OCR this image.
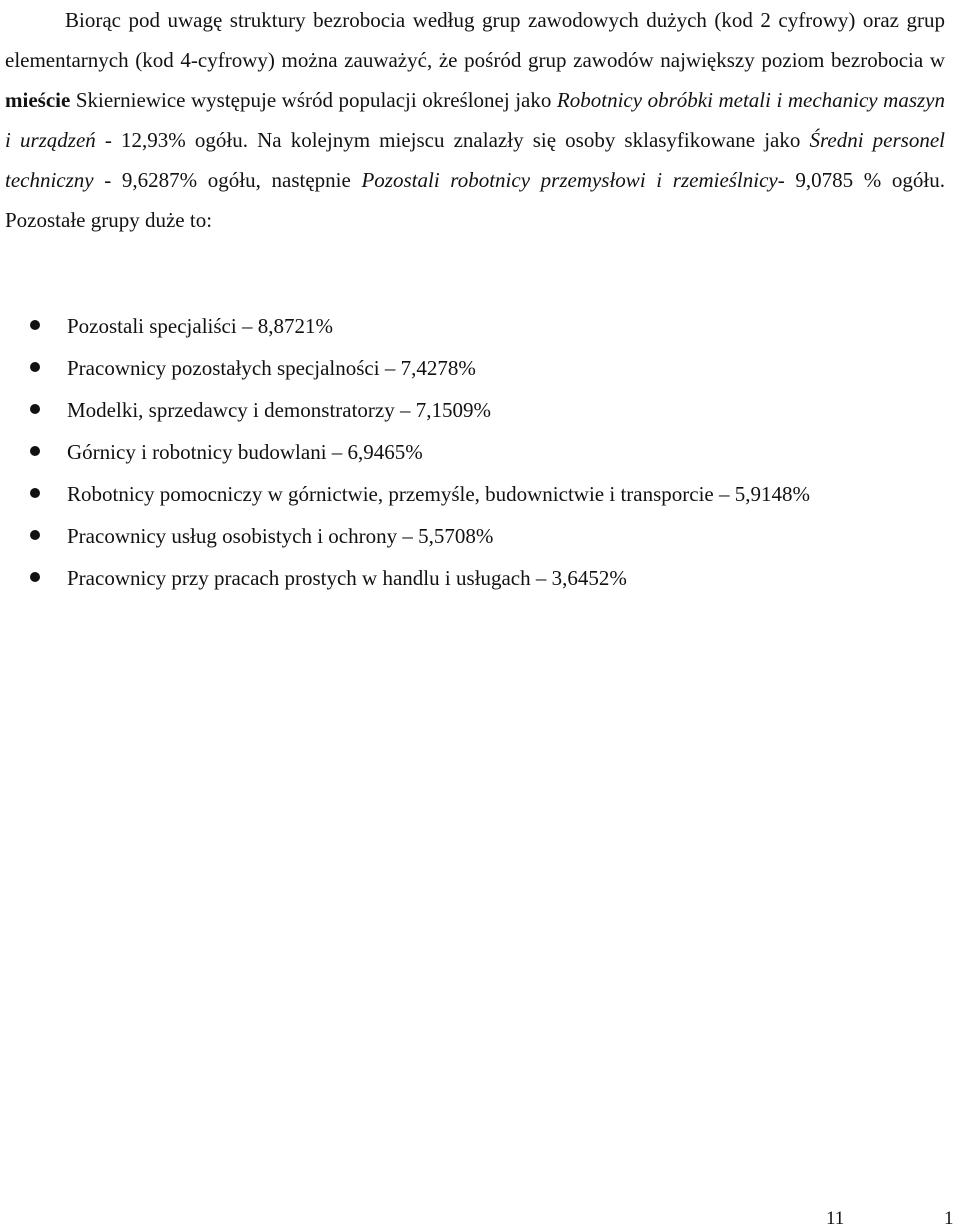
Biorąc pod uwagę struktury bezrobocia według grup zawodowych dużych (kod 2 cyfrowy) oraz grup elementarnych (kod 4-cyfrowy) można zauważyć, że pośród grup zawodów największy poziom bezrobocia w mieście Skierniewice występuje wśród populacji określonej jako Robotnicy obróbki metali i mechanicy maszyn i urządzeń - 12,93% ogółu. Na kolejnym miejscu znalazły się osoby sklasyfikowane jako Średni personel techniczny - 9,6287% ogółu, następnie Pozostali robotnicy przemysłowi i rzemieślnicy- 9,0785 % ogółu. Pozostałe grupy duże to:

Pozostali specjaliści – 8,8721%
Pracownicy pozostałych specjalności – 7,4278%
Modelki, sprzedawcy i demonstratorzy – 7,1509%
Górnicy i robotnicy budowlani – 6,9465%
Robotnicy pomocniczy w górnictwie, przemyśle, budownictwie i transporcie – 5,9148%
Pracownicy usług osobistych i ochrony – 5,5708%
Pracownicy przy pracach prostych w handlu i usługach – 3,6452%
11	1
